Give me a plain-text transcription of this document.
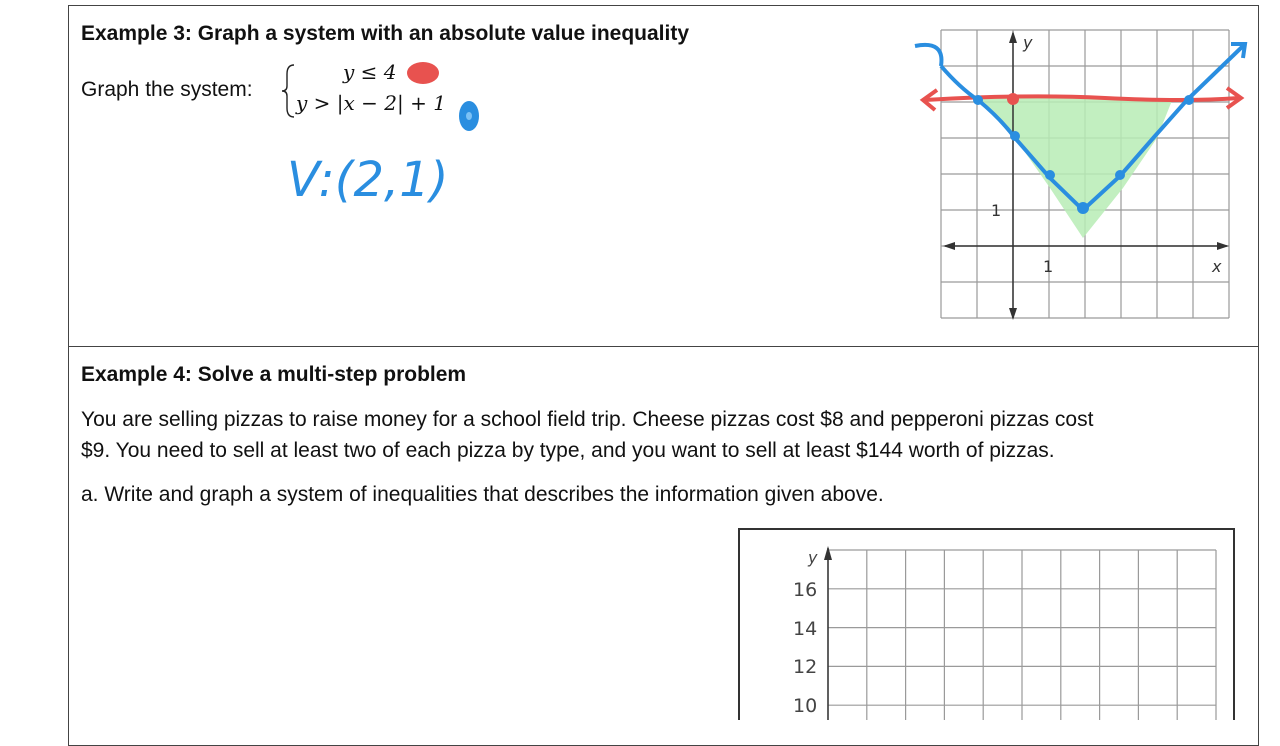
Example 3: Graph a system with an absolute value inequality
Graph the system:
y ≤ 4
y > |x − 2| + 1
V:(2,1)
y
x
1
1
Example 4: Solve a multi-step problem
You are selling pizzas to raise money for a school field trip. Cheese pizzas cost $8 and pepperoni pizzas cost
$9. You need to sell at least two of each pizza by type, and you want to sell at least $144 worth of pizzas.
a. Write and graph a system of inequalities that describes the information given above.
y
16
14
12
10
